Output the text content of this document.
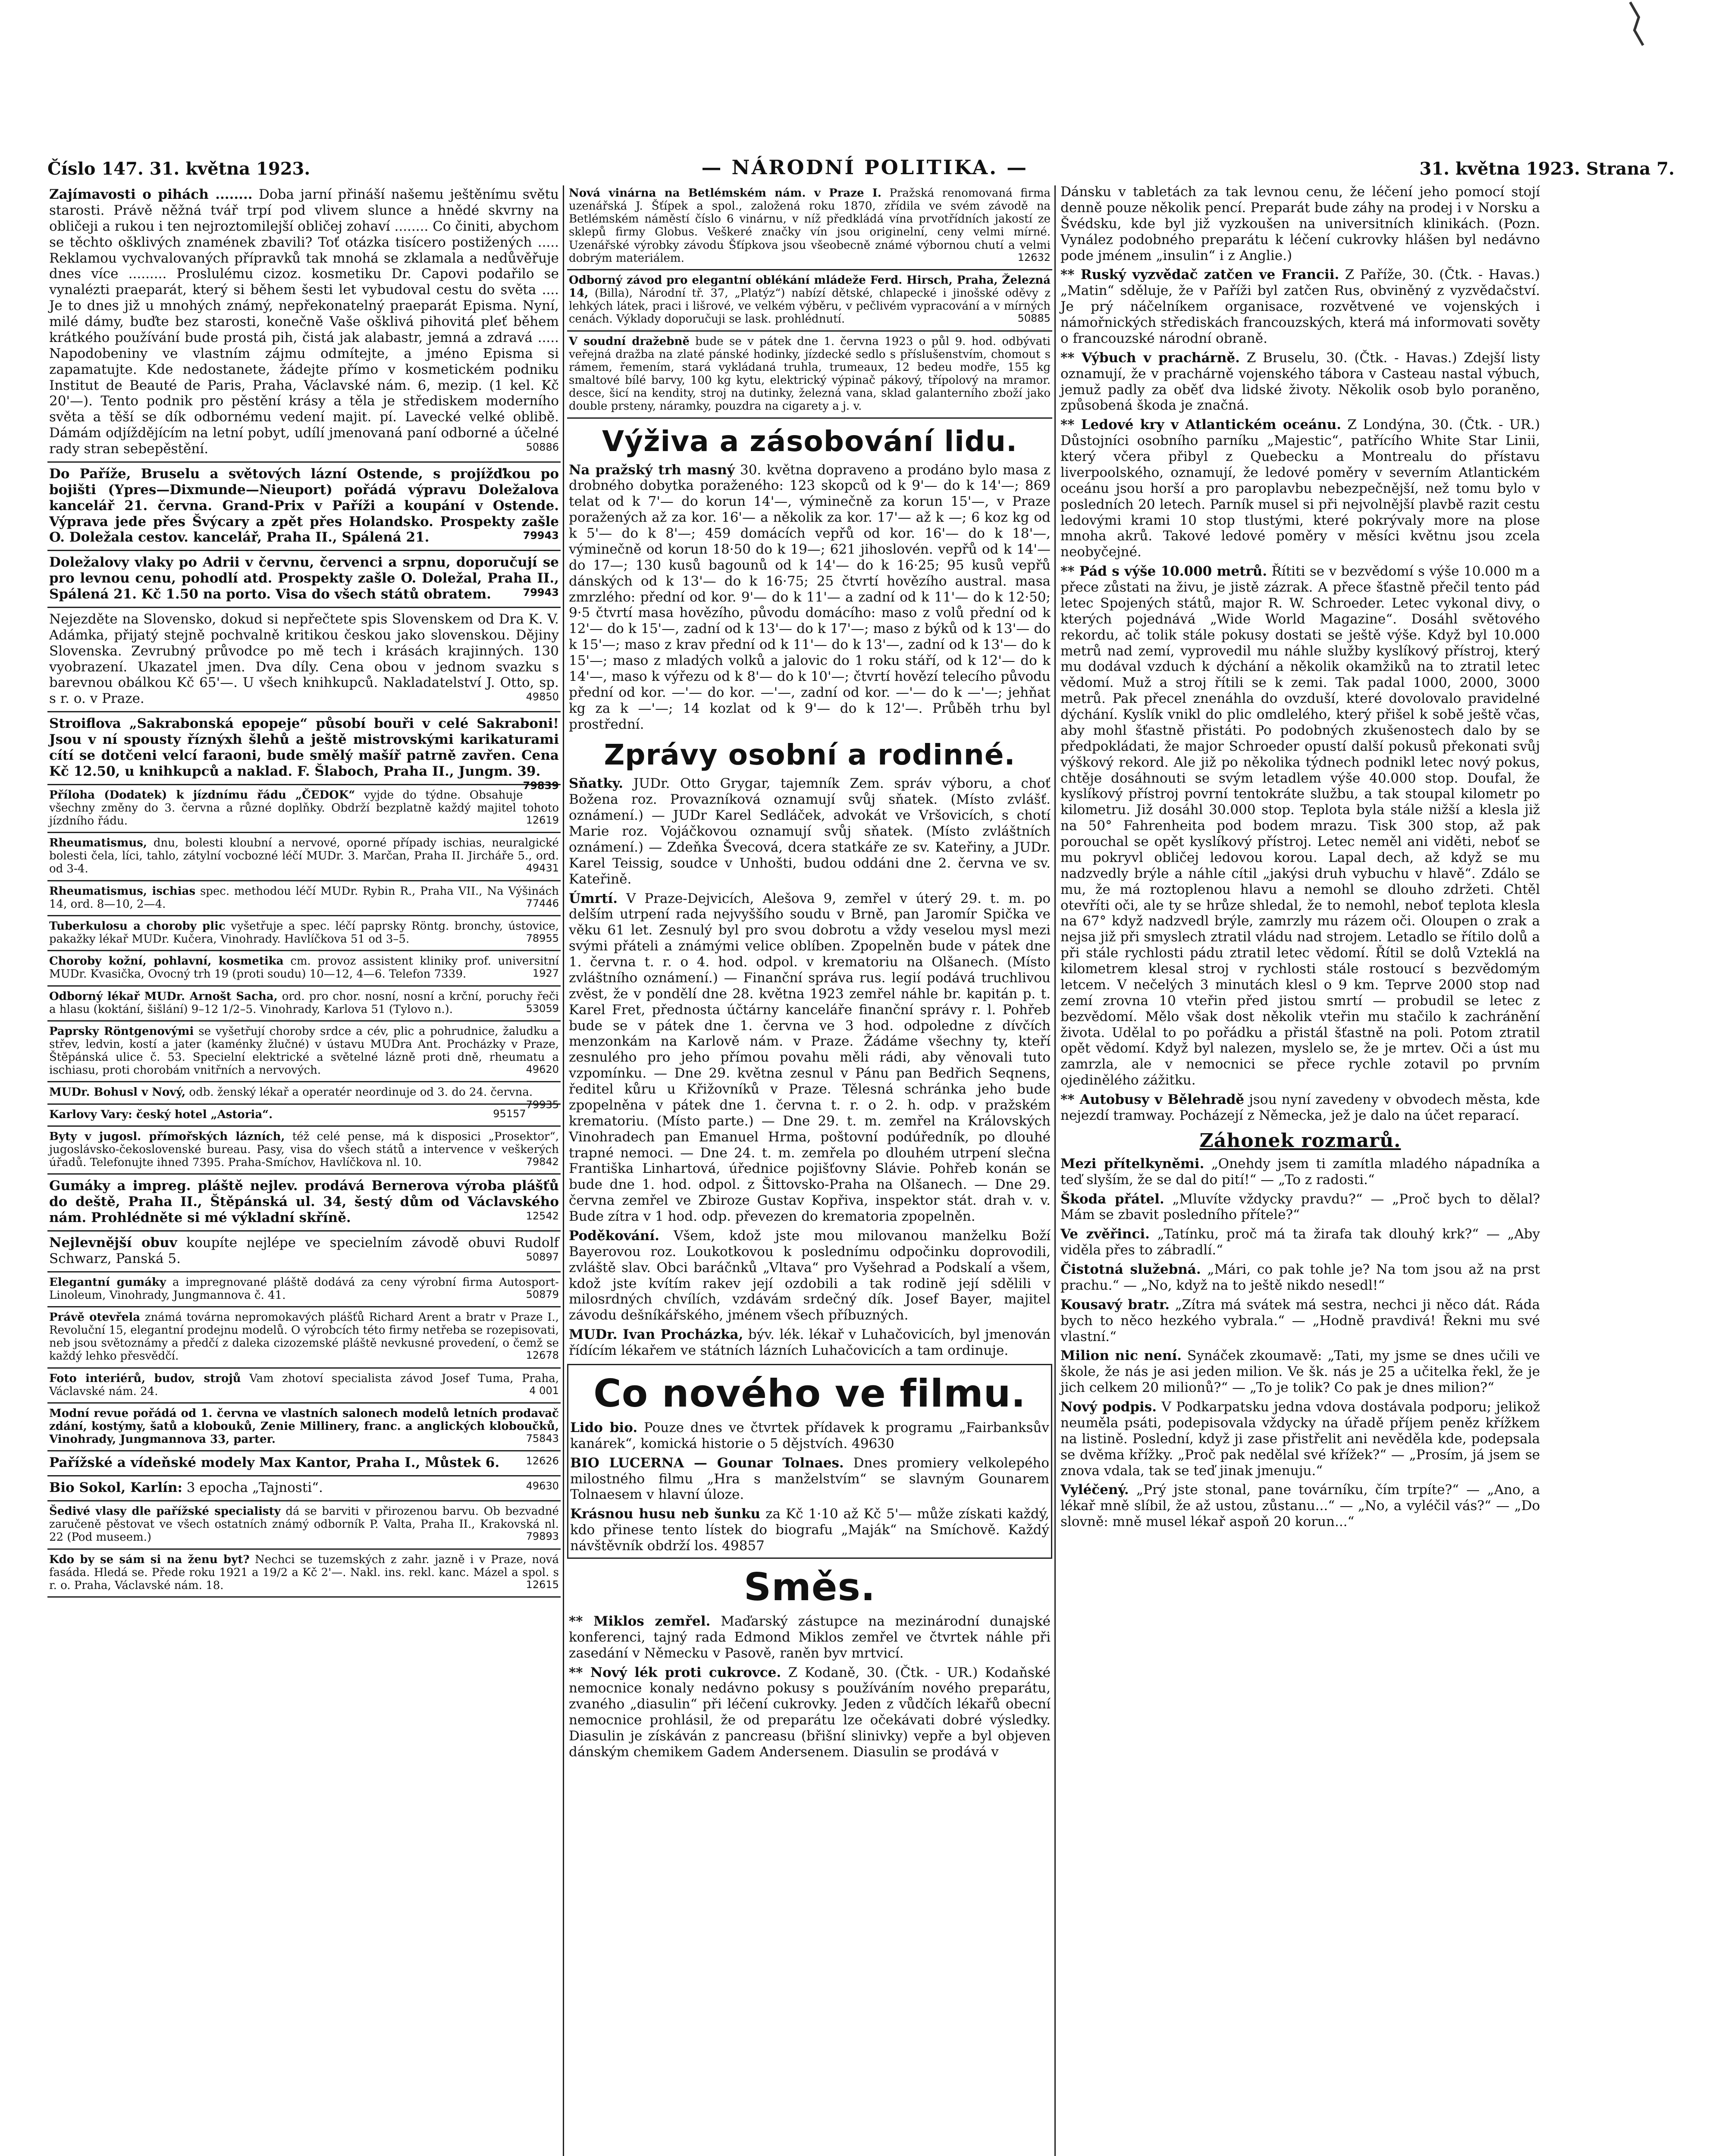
Číslo 147. 31. května 1923.	— NÁRODNÍ POLITIKA. —	31. května 1923. Strana 7.
Zajímavosti o pihách ........ Doba jarní přináší našemu ještěnímu světu starosti. Právě něžná tvář trpí pod vlivem slunce a hnědé skvrny na obličeji a rukou i ten nejroztomilejší obličej zohaví ........ Co činiti, abychom se těchto ošklivých znamének zbavili? Toť otázka tisícero postižených ..... Reklamou vychvalovaných přípravků tak mnohá se zklamala a nedůvěřuje dnes více ......... Proslulému cizoz. kosmetiku Dr. Capovi podařilo se vynalézti praeparát, který si během šesti let vybudoval cestu do světa .... Je to dnes již u mnohých známý, nepřekonatelný praeparát Episma. Nyní, milé dámy, buďte bez starosti, konečně Vaše ošklivá pihovitá pleť během krátkého používání bude prostá pih, čistá jak alabastr, jemná a zdravá ..... Napodobeniny ve vlastním zájmu odmítejte, a jméno Episma si zapamatujte. Kde nedostanete, žádejte přímo v kosmetickém podniku Institut de Beauté de Paris, Praha, Václavské nám. 6, mezip. (1 kel. Kč 20'—). Tento podnik pro pěstění krásy a těla je střediskem moderního světa a těší se dík odbornému vedení majit. pí. Lavecké velké oblibě. Dámám odjíždějícím na letní pobyt, udílí jmenovaná paní odborné a účelné rady stran sebepěstění.	50886
Do Paříže, Bruselu a světových lázní Ostende, s projížďkou po bojišti (Ypres—Dixmunde—Nieuport) pořádá výpravu Doležalova kancelář 21. června. Grand-Prix v Paříži a koupání v Ostende. Výprava jede přes Švýcary a zpět přes Holandsko. Prospekty zašle O. Doležala cestov. kancelář, Praha II., Spálená 21.	79943
Doležalovy vlaky po Adrii v červnu, červenci a srpnu, doporučují se pro levnou cenu, pohodlí atd. Prospekty zašle O. Doležal, Praha II., Spálená 21. Kč 1.50 na porto. Visa do všech států obratem.	79943
Nejezděte na Slovensko, dokud si nepřečtete spis Slovenskem od Dra K. V. Adámka, přijatý stejně pochvalně kritikou českou jako slovenskou. Dějiny Slovenska. Zevrubný průvodce po mě tech i krásách krajinných. 130 vyobrazení. Ukazatel jmen. Dva díly. Cena obou v jednom svazku s barevnou obálkou Kč 65'—. U všech knihkupců. Nakladatelství J. Otto, sp. s r. o. v Praze.	49850
Stroiflova „Sakrabonská epopeje“ působí bouři v celé Sakraboni! Jsou v ní spousty říznýxh šlehů a ještě mistrovskými karikaturami cítí se dotčeni velcí faraoni, bude smělý mašíř patrně zavřen. Cena Kč 12.50, u knihkupců a naklad. F. Šlaboch, Praha II., Jungm. 39.
79839
Příloha (Dodatek) k jízdnímu řádu „ČEDOK“ vyjde do týdne. Obsahuje všechny změny do 3. června a různé doplňky. Obdrží bezplatně každý majitel tohoto jízdního řádu.	12619
Rheumatismus, dnu, bolesti kloubní a nervové, oporné případy ischias, neuralgické bolesti čela, líci, tahlo, zátylní vocbozné léčí MUDr. 3. Marčan, Praha II. Jirchářе 5., ord. od 3-4.	49431
Rheumatismus, ischias spec. methodou léčí MUDr. Rybin R., Praha VII., Na Výšinách 14, ord. 8—10, 2—4.	77446
Tuberkulosu a choroby plic vyšetřuje a spec. léčí paprsky Röntg. bronchy, ústovice, pakažky lékař MUDr. Kučera, Vinohrady. Havlíčkova 51 od 3–5.	78955
Choroby kožní, pohlavní, kosmetika cm. provoz assistent kliniky prof. universitní MUDr. Kvasička, Ovocný trh 19 (proti soudu) 10—12, 4—6. Telefon 7339.	1927
Odborný lékař MUDr. Arnošt Sacha, ord. pro chor. nosní, nosní a krční, poruchy řeči a hlasu (koktání, šišlání) 9–12 1/2–5. Vinohrady, Karlova 51 (Tylovo n.).	53059
Paprsky Röntgenovými se vyšetřují choroby srdce a cév, plic a pohrudnice, žaludku a střev, ledvin, kostí a jater (kaménky žlučné) v ústavu MUDra Ant. Procházky v Praze, Štěpánská ulice č. 53. Specielní elektrické a světelné lázně proti dně, rheumatu a ischiasu, proti chorobám vnitřních a nervových.	49620
MUDr. Bohusl v Nový, odb. ženský lékař a operatér neordinuje od 3. do 24. června.
79935
Karlovy Vary: český hotel „Astoria“.	95157
Byty v jugosl. přímořských lázních, též celé pense, má k disposici „Prosektor“, jugoslávsko-čekoslovenské bureau. Pasy, visa do všech států a intervence v veškerých úřadů. Telefonujte ihned 7395. Praha-Smíchov, Havlíčkova nl. 10.	79842
Gumáky a impreg. pláště nejlev. prodává Bernerova výroba plášťů do deště, Praha II., Štěpánská ul. 34, šestý dům od Václavského nám. Prohlédněte si mé výkladní skříně.	12542
Nejlevnější obuv koupíte nejlépe ve specielním závodě obuvi Rudolf Schwarz, Panská 5.	50897
Elegantní gumáky a impregnované pláště dodává za ceny výrobní firma Autosport-Linoleum, Vinohrady, Jungmannova č. 41.	50879
Právě otevřela známá továrna nepromokavých plášťů Richard Arent a bratr v Praze I., Revoluční 15, elegantní prodejnu modelů. O výrobcích této firmy netřeba se rozepisovati, neb jsou světoznámy a předčí z daleka cizozemské pláště nevkusné provedení, o čemž se každý lehko přesvědčí.	12678
Foto interiérů, budov, strojů Vam zhotoví specialista závod Josef Tuma, Praha, Václavské nám. 24.	4 001
Modní revue pořádá od 1. června ve vlastních salonech modelů letních prodavač zdání, kostýmy, šatů a klobouků, Zenie Millinery, franc. a anglických kloboučků, Vinohrady, Jungmannova 33, parter.	75843
Pařížské a vídeňské modely Max Kantor, Praha I., Můstek 6.	12626
Bio Sokol, Karlín: 3 epocha „Tajnosti“.	49630
Šedivé vlasy dle pařížské specialisty dá se barviti v přirozenou barvu. Ob bezvadné zaručeně pěstovat ve všech ostatních známý odborník P. Valta, Praha II., Krakovská nl. 22 (Pod museem.)	79893
Kdo by se sám si na ženu byt? Nechci se tuzemských z zahr. jazně i v Praze, nová fasáda. Hledá se. Přede roku 1921 a 19/2 a Kč 2'—. Nakl. ins. rekl. kanc. Mázel a spol. s r. o. Praha, Václavské nám. 18.	12615
Nová vinárna na Betlémském nám. v Praze I. Pražská renomovaná firma uzenářská J. Šťípek a spol., založená roku 1870, zřídila ve svém závodě na Betlémském náměstí číslo 6 vinárnu, v níž předkládá vína prvotřídních jakostí ze sklepů firmy Globus. Veškeré značky vín jsou originelní, ceny velmi mírné. Uzenářské výrobky závodu Šťípkova jsou všeobecně známé výbornou chutí a velmi dobrým materiálem.	12632
Odborný závod pro elegantní oblékání mládeže Ferd. Hirsch, Praha, Železná 14, (Billa), Národní tř. 37, „Platýz“) nabízí dětské, chlapecké i jinošské oděvy z lehkých látek, praci i lišrové, ve velkém výběru, v pečlivém vypracování a v mírných cenách. Výklady doporučuji se lask. prohlédnutí.	50885
V soudní dražebně bude se v pátek dne 1. června 1923 o půl 9. hod. odbývati veřejná dražba na zlaté pánské hodinky, jízdecké sedlo s příslušenstvím, chomout s rámem, řemením, stará vykládaná truhla, trumeaux, 12 bedeu modře, 155 kg smaltové bílé barvy, 100 kg kytu, elektrický výpinač pákový, třípolový na mramor. desce, šicí na kendity, stroj na dutinky, železná vana, sklad galanterního zboží jako double prsteny, náramky, pouzdra na cigarety a j. v.
Výživa a zásobování lidu.
Na pražský trh masný 30. května dopraveno a prodáno bylo masa z drobného dobytka poraženého: 123 skopců od k 9'— do k 14'—; 869 telat od k 7'— do korun 14'—, výminečně za korun 15'—, v Praze poražených až za kor. 16'— a několik za kor. 17'— až k —; 6 koz kg od k 5'— do k 8'—; 459 domácích vepřů od kor. 16'— do k 18'—, výminečně od korun 18·50 do k 19—; 621 jihoslovén. vepřů od k 14'— do 17—; 130 kusů bagounů od k 14'— do k 16·25; 95 kusů vepřů dánských od k 13'— do k 16·75; 25 čtvrtí hovězího austral. masa zmrzlého: přední od kor. 9'— do k 11'— a zadní od k 11'— do k 12·50; 9·5 čtvrtí masa hovězího, původu domácího: maso z volů přední od k 12'— do k 15'—, zadní od k 13'— do k 17'—; maso z býků od k 13'— do k 15'—; maso z krav přední od k 11'— do k 13'—, zadní od k 13'— do k 15'—; maso z mladých volků a jalovic do 1 roku stáří, od k 12'— do k 14'—, maso k výřezu od k 8'— do k 10'—; čtvrtí hovězí telecího původu přední od kor. —'— do kor. —'—, zadní od kor. —'— do k —'—; jehňat kg za k —'—; 14 kozlat od k 9'— do k 12'—. Průběh trhu byl prostřední.
Zprávy osobní a rodinné.
Sňatky. JUDr. Otto Grygar, tajemník Zem. správ výboru, a choť Božena roz. Provazníková oznamují svůj sňatek. (Místo zvlášť. oznámení.) — JUDr Karel Sedláček, advokát ve Vršovicích, s chotí Marie roz. Vojáčkovou oznamují svůj sňatek. (Místo zvláštních oznámení.) — Zdeňka Švecová, dcera statkáře ze sv. Kateřiny, a JUDr. Karel Teissig, soudce v Unhošti, budou oddáni dne 2. června ve sv. Kateřině.
Úmrtí. V Praze-Dejvicích, Alešova 9, zemřel v úterý 29. t. m. po delším utrpení rada nejvyššího soudu v Brně, pan Jaromír Spička ve věku 61 let. Zesnulý byl pro svou dobrotu a vždy veselou mysl mezi svými přáteli a známými velice oblíben. Zpopelněn bude v pátek dne 1. června t. r. o 4. hod. odpol. v krematoriu na Olšanech. (Místo zvláštního oznámení.) — Finanční správa rus. legií podává truchlivou zvěst, že v pondělí dne 28. května 1923 zemřel náhle br. kapitán p. t. Karel Fret, přednosta účtárny kanceláře finanční správy r. l. Pohřeb bude se v pátek dne 1. června ve 3 hod. odpoledne z dívčích menzonkám na Karlově nám. v Praze. Žádáme všechny ty, kteří zesnulého pro jeho přímou povahu měli rádi, aby věnovali tuto vzpomínku. — Dne 29. května zesnul v Pánu pan Bedřich Seqnens, ředitel kůru u Křižovníků v Praze. Tělesná schránka jeho bude zpopelněna v pátek dne 1. června t. r. o 2. h. odp. v pražském krematoriu. (Místo parte.) — Dne 29. t. m. zemřel na Královských Vinohradech pan Emanuel Hrma, poštovní podúředník, po dlouhé trapné nemoci. — Dne 24. t. m. zemřela po dlouhém utrpení slečna Františka Linhartová, úřednice pojišťovny Slávie. Pohřeb konán se bude dne 1. hod. odpol. z Šittovsko-Praha na Olšanech. — Dne 29. června zemřel ve Zbiroze Gustav Kopřiva, inspektor stát. drah v. v. Bude zítra v 1 hod. odp. převezen do krematoria zpopelněn.
Poděkování. Všem, kdož jste mou milovanou manželku Boží Bayerovou roz. Loukotkovou k poslednímu odpočinku doprovodili, zvláště slav. Obci baráčnků „Vltava“ pro Vyšehrad a Podskalí a všem, kdož jste kvítím rakev její ozdobili a tak rodině její sdělili v milosrdných chvílích, vzdávám srdečný dík. Josef Bayer, majitel závodu dešníkářského, jménem všech příbuzných.
MUDr. Ivan Procházka, býv. lék. lékař v Luhačovicích, byl jmenován řídícím lékařem ve státních lázních Luhačovicích a tam ordinuje.
Co nového ve filmu.
Lido bio. Pouze dnes ve čtvrtek přídavek k programu „Fairbanksův kanárek“, komická historie o 5 dějstvích. 49630
BIO LUCERNA — Gounar Tolnaes. Dnes promiery velkolepého milostného filmu „Hra s manželstvím“ se slavným Gounarem Tolnaesem v hlavní úloze.
Krásnou husu neb šunku za Kč 1·10 až Kč 5'— může získati každý, kdo přinese tento lístek do biografu „Maják“ na Smíchově. Každý návštěvník obdrží los. 49857
Směs.
** Miklos zemřel. Maďarský zástupce na mezinárodní dunajské konferenci, tajný rada Edmond Miklos zemřel ve čtvrtek náhle při zasedání v Německu v Pasově, raněn byv mrtvicí.
** Nový lék proti cukrovce. Z Kodaně, 30. (Čtk. - UR.) Kodaňské nemocnice konaly nedávno pokusy s používáním nového preparátu, zvaného „diasulin“ při léčení cukrovky. Jeden z vůdčích lékařů obecní nemocnice prohlásil, že od preparátu lze očekávati dobré výsledky. Diasulin je získáván z pancreasu (břišní slinivky) vepře a byl objeven dánským chemikem Gadem Andersenem. Diasulin se prodává v
Dánsku v tabletách za tak levnou cenu, že léčení jeho pomocí stojí denně pouze několik pencí. Preparát bude záhy na prodej i v Norsku a Švédsku, kde byl již vyzkoušen na universitních klinikách. (Pozn. Vynález podobného preparátu k léčení cukrovky hlášen byl nedávno pode jménem „insulin“ i z Anglie.)
** Ruský vyzvědač zatčen ve Francii. Z Paříže, 30. (Čtk. - Havas.) „Matin“ sděluje, že v Paříži byl zatčen Rus, obviněný z vyzvědačství. Je prý náčelníkem organisace, rozvětvené ve vojenských i námořnických střediskách francouzských, která má informovati sověty o francouzské národní obraně.
** Výbuch v prachárně. Z Bruselu, 30. (Čtk. - Havas.) Zdejší listy oznamují, že v prachárně vojenského tábora v Casteau nastal výbuch, jemuž padly za oběť dva lidské životy. Několik osob bylo poraněno, způsobená škoda je značná.
** Ledové kry v Atlantickém oceánu. Z Londýna, 30. (Čtk. - UR.) Důstojníci osobního parníku „Majestic“, patřícího White Star Linii, který včera přibyl z Quebecku a Montrealu do přístavu liverpoolského, oznamují, že ledové poměry v severním Atlantickém oceánu jsou horší a pro paroplavbu nebezpečnější, než tomu bylo v posledních 20 letech. Parník musel si při nejvolnější plavbě razit cestu ledovými krami 10 stop tlustými, které pokrývaly more na plose mnoha akrů. Takové ledové poměry v měsíci květnu jsou zcela neobyčejné.
** Pád s výše 10.000 metrů. Řítiti se v bezvědomí s výše 10.000 m a přece zůstati na živu, je jistě zázrak. A přece šťastně přečil tento pád letec Spojených států, major R. W. Schroeder. Letec vykonal divy, o kterých pojednává „Wide World Magazine“. Dosáhl světového rekordu, ač tolik stále pokusy dostati se ještě výše. Když byl 10.000 metrů nad zemí, vyprovedil mu náhle služby kyslíkový přístroj, který mu dodával vzduch k dýchání a několik okamžiků na to ztratil letec vědomí. Muž a stroj řítili se k zemi. Tak padal 1000, 2000, 3000 metrů. Pak přecel znenáhla do ovzduší, které dovolovalo pravidelné dýchání. Kyslík vnikl do plic omdlelého, který přišel k sobě ještě včas, aby mohl šťastně přistáti. Po podobných zkušenostech dalo by se předpokládati, že major Schroeder opustí další pokusů překonati svůj výškový rekord. Ale již po několika týdnech podnikl letec nový pokus, chtěje dosáhnouti se svým letadlem výše 40.000 stop. Doufal, že kyslíkový přístroj povrní tentokráte službu, a tak stoupal kilometr po kilometru. Již dosáhl 30.000 stop. Teplota byla stále nižší a klesla již na 50° Fahrenheita pod bodem mrazu. Tisk 300 stop, až pak porouchal se opět kyslíkový přístroj. Letec neměl ani viděti, neboť se mu pokryvl obličej ledovou korou. Lapal dech, až když se mu nadzvedly brýle a náhle cítil „jakýsi druh vybuchu v hlavě“. Zdálo se mu, že má roztoplenou hlavu a nemohl se dlouho zdržeti. Chtěl otevříti oči, ale ty se hrůze shledal, že to nemohl, neboť teplota klesla na 67° když nadzvedl brýle, zamrzly mu rázem oči. Oloupen o zrak a nejsa již při smyslech ztratil vládu nad strojem. Letadlo se řítilo dolů a při stále rychlosti pádu ztratil letec vědomí. Řítil se dolů Vzteklá na kilometrem klesal stroj v rychlosti stále rostoucí s bezvědomým letcem. V nečelých 3 minutách klesl o 9 km. Teprve 2000 stop nad zemí zrovna 10 vteřin před jistou smrtí — probudil se letec z bezvědomí. Mělo však dost několik vteřin mu stačilo k zachránění života. Udělal to po pořádku a přistál šťastně na poli. Potom ztratil opět vědomí. Když byl nalezen, myslelo se, že je mrtev. Oči a úst mu zamrzla, ale v nemocnici se přece rychle zotavil po prvním ojedinělého zážitku.
** Autobusy v Bělehradě jsou nyní zavedeny v obvodech města, kde nejezdí tramway. Pocházejí z Německa, jež je dalo na účet reparací.
Záhonek rozmarů.
Mezi přítelkyněmi. „Onehdy jsem ti zamítla mladého nápadníka a teď slyším, že se dal do pití!“ — „To z radosti.“
Škoda přátel. „Mluvíte vždycky pravdu?“ — „Proč bych to dělal? Mám se zbavit posledního přítele?“
Ve zvěřinci. „Tatínku, proč má ta žirafa tak dlouhý krk?“ — „Aby viděla přes to zábradlí.“
Čistotná služebná. „Mári, co pak tohle je? Na tom jsou až na prst prachu.“ — „No, když na to ještě nikdo nesedl!“
Kousavý bratr. „Zítra má svátek má sestra, nechci ji něco dát. Ráda bych to něco hezkého vybrala.“ — „Hodně pravdivá! Řekni mu své vlastní.“
Milion nic není. Synáček zkoumavě: „Tati, my jsme se dnes učili ve škole, že nás je asi jeden milion. Ve šk. nás je 25 a učitelka řekl, že je jich celkem 20 milionů?“ — „To je tolik? Co pak je dnes milion?“
Nový podpis. V Podkarpatsku jedna vdova dostávala podporu; jelikož neuměla psáti, podepisovala vždycky na úřadě příjem peněz křížkem na listině. Poslední, když ji zase přistřelit ani nevěděla kde, podepsala se dvěma křížky. „Proč pak nedělal své křížek?“ — „Prosím, já jsem se znova vdala, tak se teď jinak jmenuju.“
Vyléčený. „Prý jste stonal, pane továrníku, čím trpíte?“ — „Ano, a lékař mně slíbil, že až ustou, zůstanu...“ — „No, a vyléčil vás?“ — „Do slovně: mně musel lékař aspoň 20 korun...“
